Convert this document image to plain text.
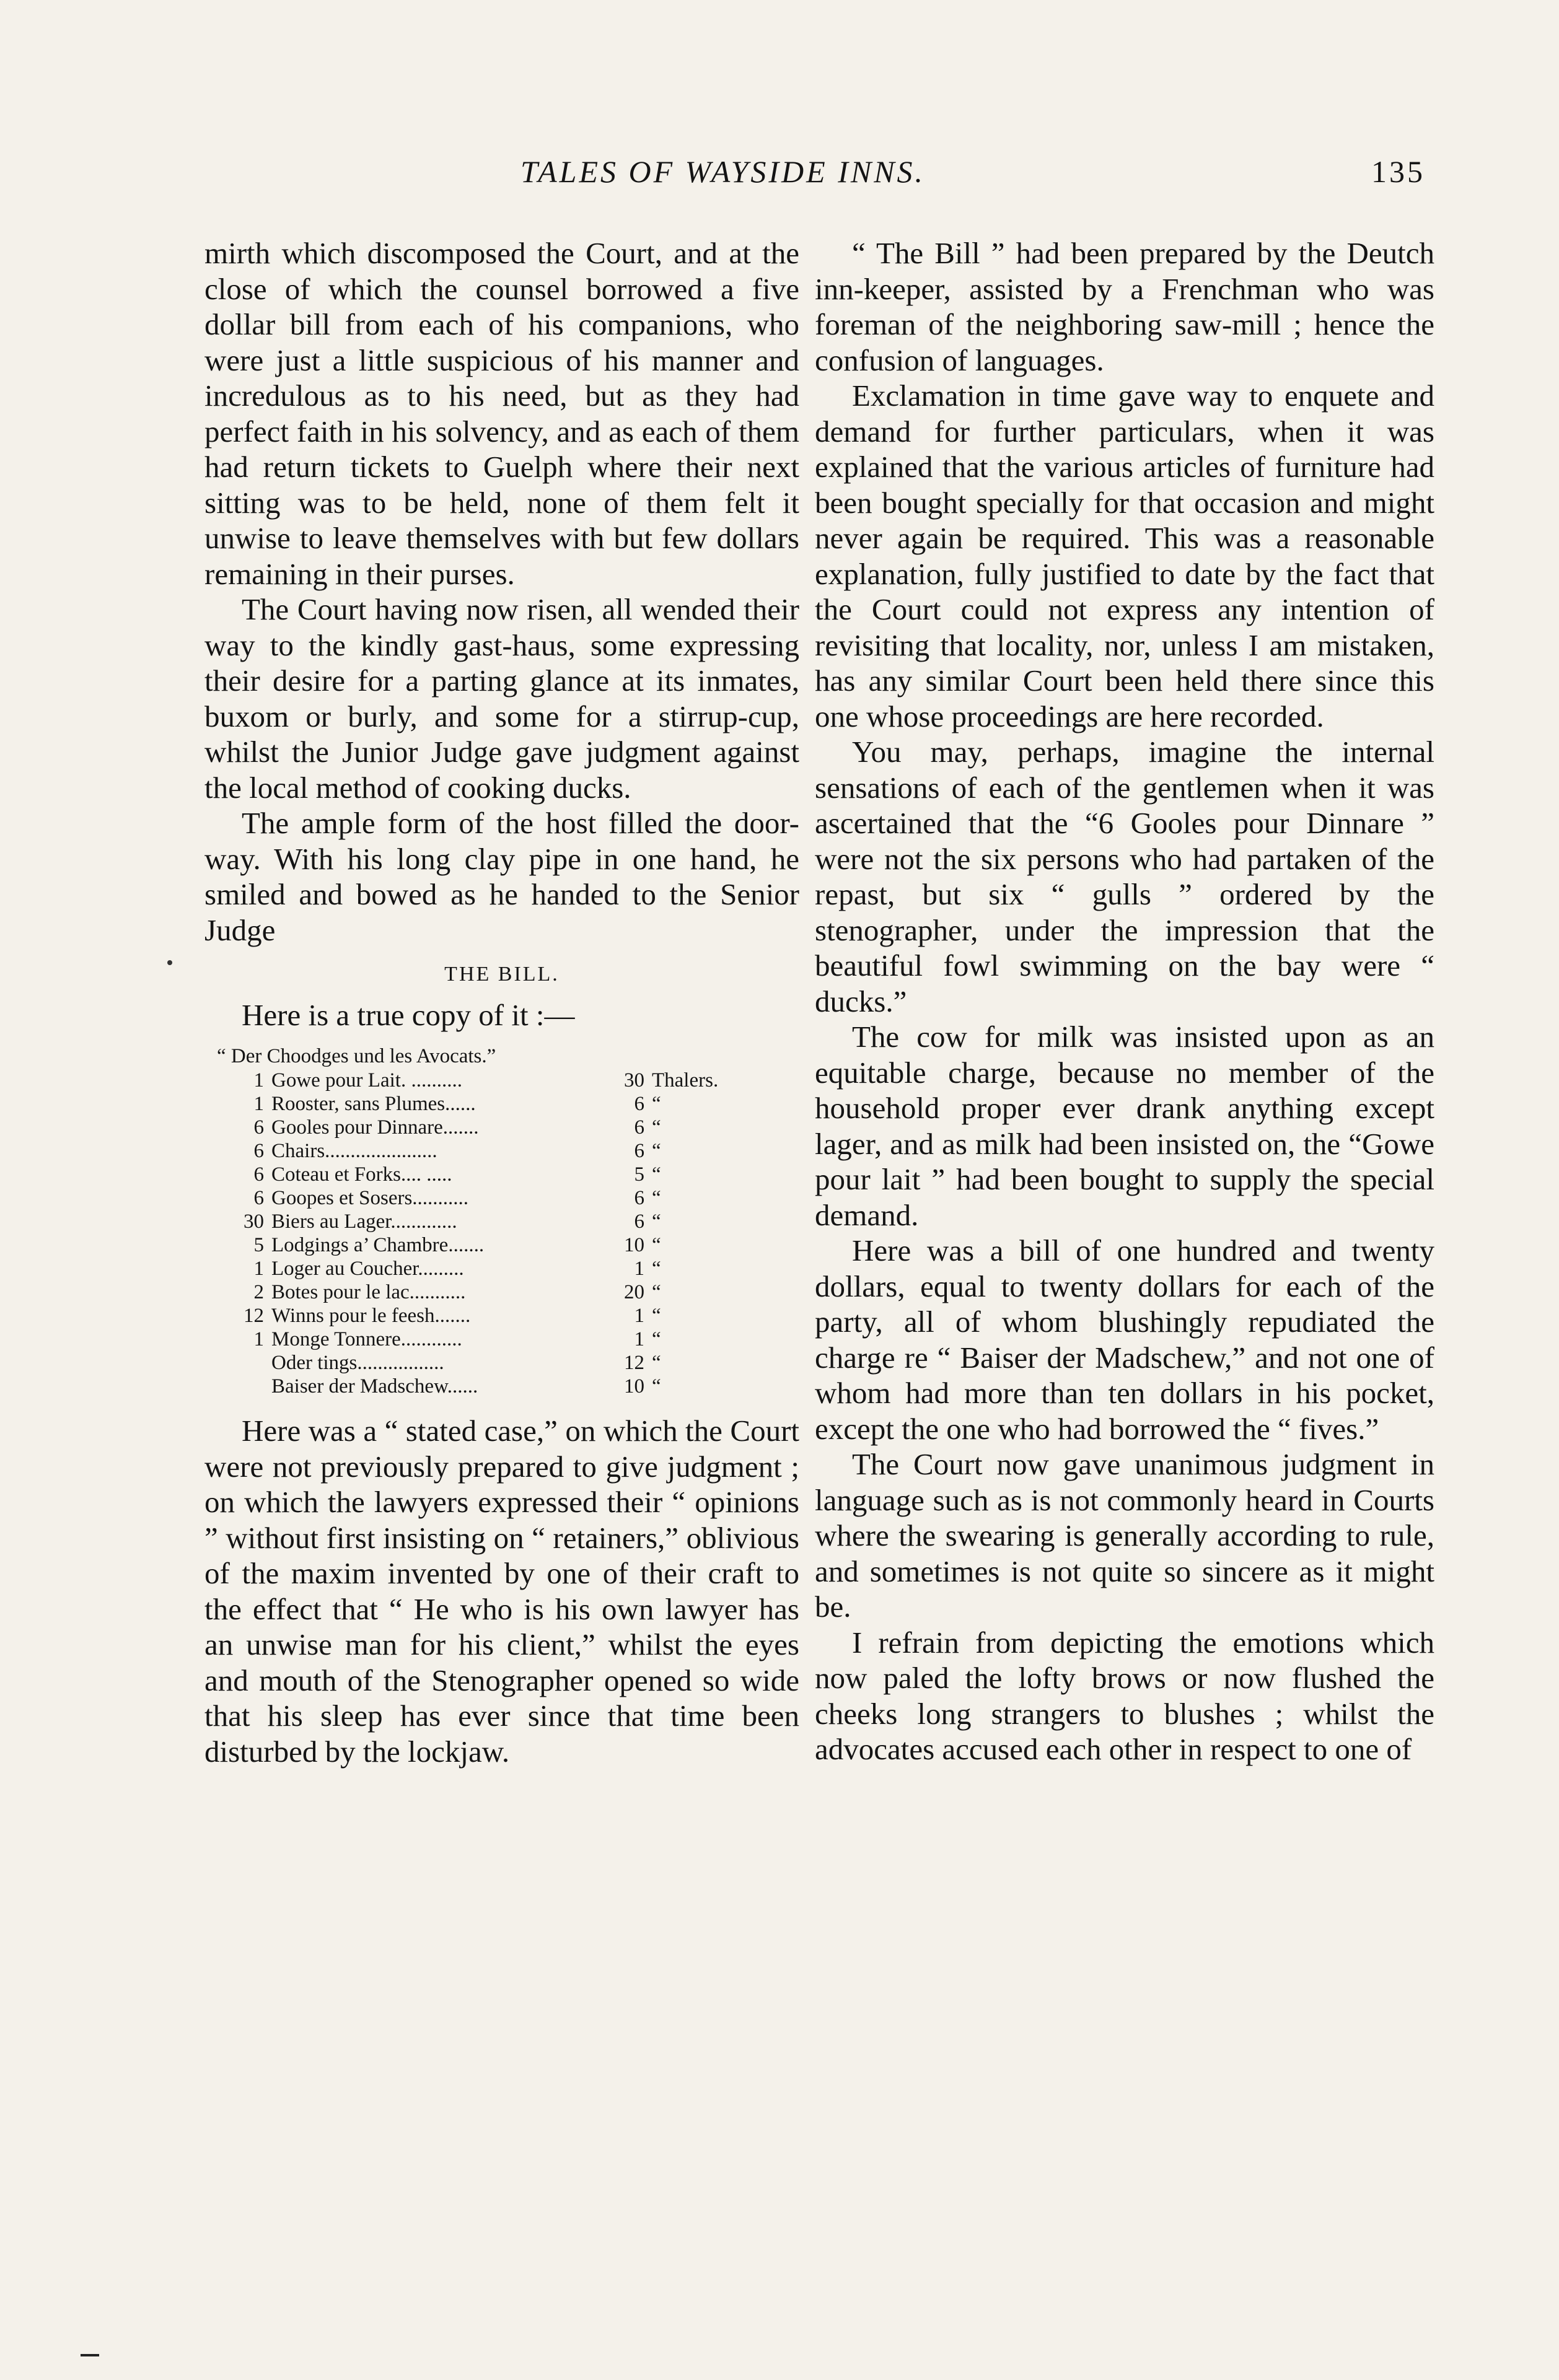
TALES OF WAYSIDE INNS.	135

mirth which discomposed the Court, and at the close of which the counsel borrowed a five dollar bill from each of his companions, who were just a little suspicious of his manner and incredulous as to his need, but as they had perfect faith in his solvency, and as each of them had return tickets to Guelph where their next sitting was to be held, none of them felt it unwise to leave themselves with but few dollars remaining in their purses.

The Court having now risen, all wended their way to the kindly gast-haus, some expressing their desire for a parting glance at its inmates, buxom or burly, and some for a stirrup-cup, whilst the Junior Judge gave judgment against the local method of cooking ducks.

The ample form of the host filled the door-way. With his long clay pipe in one hand, he smiled and bowed as he handed to the Senior Judge

THE BILL.
Here is a true copy of it :—
“ Der Choodges und les Avocats.”
1	Gowe pour Lait. ..........	30	Thalers.
1	Rooster, sans Plumes......	6	“
6	Gooles pour Dinnare.......	6	“
6	Chairs......................	6	“
6	Coteau et Forks.... .....	5	“
6	Goopes et Sosers...........	6	“
30	Biers au Lager.............	6	“
5	Lodgings a’ Chambre.......	10	“
1	Loger au Coucher.........	1	“
2	Botes pour le lac...........	20	“
12	Winns pour le feesh.......	1	“
1	Monge Tonnere............	1	“
	Oder tings.................	12	“
	Baiser der Madschew......	10	“

Here was a “ stated case,” on which the Court were not previously prepared to give judgment ; on which the lawyers expressed their “ opinions ” without first insisting on “ retainers,” oblivious of the maxim invented by one of their craft to the effect that “ He who is his own lawyer has an unwise man for his client,” whilst the eyes and mouth of the Stenographer opened so wide that his sleep has ever since that time been disturbed by the lockjaw.

“ The Bill ” had been prepared by the Deutch inn-keeper, assisted by a Frenchman who was foreman of the neighboring saw-mill ; hence the confusion of languages.

Exclamation in time gave way to enquete and demand for further particulars, when it was explained that the various articles of furniture had been bought specially for that occasion and might never again be required. This was a reasonable explanation, fully justified to date by the fact that the Court could not express any intention of revisiting that locality, nor, unless I am mistaken, has any similar Court been held there since this one whose proceedings are here recorded.

You may, perhaps, imagine the internal sensations of each of the gentlemen when it was ascertained that the “6 Gooles pour Dinnare ” were not the six persons who had partaken of the repast, but six “ gulls ” ordered by the stenographer, under the impression that the beautiful fowl swimming on the bay were “ ducks.”

The cow for milk was insisted upon as an equitable charge, because no member of the household proper ever drank anything except lager, and as milk had been insisted on, the “Gowe pour lait ” had been bought to supply the special demand.

Here was a bill of one hundred and twenty dollars, equal to twenty dollars for each of the party, all of whom blushingly repudiated the charge re “ Baiser der Madschew,” and not one of whom had more than ten dollars in his pocket, except the one who had borrowed the “ fives.”

The Court now gave unanimous judgment in language such as is not commonly heard in Courts where the swearing is generally according to rule, and sometimes is not quite so sincere as it might be.

I refrain from depicting the emotions which now paled the lofty brows or now flushed the cheeks long strangers to blushes ; whilst the advocates accused each other in respect to one of
